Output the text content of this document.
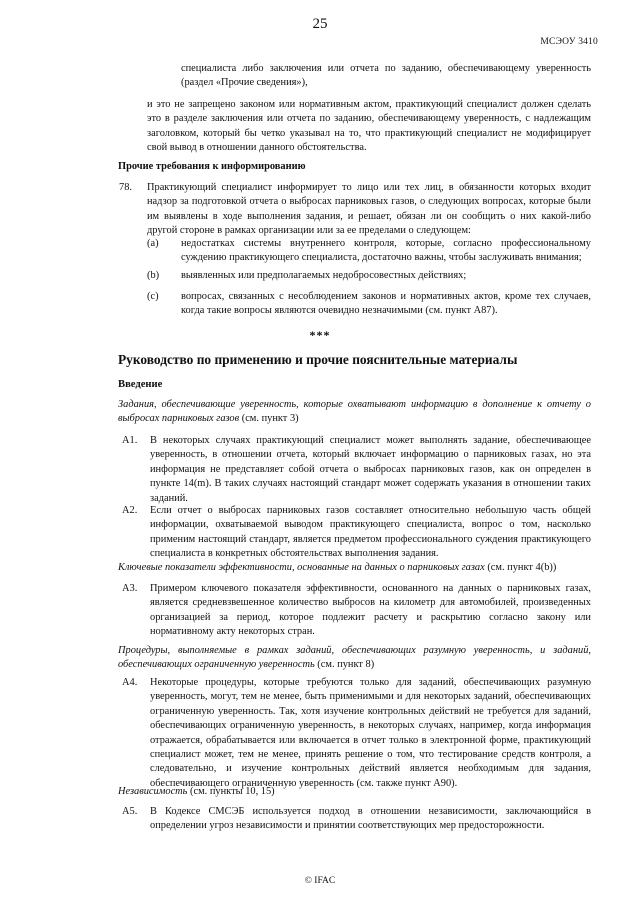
25
МСЭОУ 3410
специалиста либо заключения или отчета по заданию, обеспечивающему уверенность (раздел «Прочие сведения»),
и это не запрещено законом или нормативным актом, практикующий специалист должен сделать это в разделе заключения или отчета по заданию, обеспечивающему уверенность, с надлежащим заголовком, который бы четко указывал на то, что практикующий специалист не модифицирует свой вывод в отношении данного обстоятельства.
Прочие требования к информированию
78. Практикующий специалист информирует то лицо или тех лиц, в обязанности которых входит надзор за подготовкой отчета о выбросах парниковых газов, о следующих вопросах, которые были им выявлены в ходе выполнения задания, и решает, обязан ли он сообщить о них какой-либо другой стороне в рамках организации или за ее пределами о следующем:
(a) недостатках системы внутреннего контроля, которые, согласно профессиональному суждению практикующего специалиста, достаточно важны, чтобы заслуживать внимания;
(b) выявленных или предполагаемых недобросовестных действиях;
(c) вопросах, связанных с несоблюдением законов и нормативных актов, кроме тех случаев, когда такие вопросы являются очевидно незначимыми (см. пункт А87).
***
Руководство по применению и прочие пояснительные материалы
Введение
Задания, обеспечивающие уверенность, которые охватывают информацию в дополнение к отчету о выбросах парниковых газов (см. пункт 3)
A1. В некоторых случаях практикующий специалист может выполнять задание, обеспечивающее уверенность, в отношении отчета, который включает информацию о парниковых газах, но эта информация не представляет собой отчета о выбросах парниковых газов, как он определен в пункте 14(m). В таких случаях настоящий стандарт может содержать указания в отношении таких заданий.
A2. Если отчет о выбросах парниковых газов составляет относительно небольшую часть общей информации, охватываемой выводом практикующего специалиста, вопрос о том, насколько применим настоящий стандарт, является предметом профессионального суждения практикующего специалиста в конкретных обстоятельствах выполнения задания.
Ключевые показатели эффективности, основанные на данных о парниковых газах (см. пункт 4(b))
A3. Примером ключевого показателя эффективности, основанного на данных о парниковых газах, является средневзвешенное количество выбросов на километр для автомобилей, произведенных организацией за период, которое подлежит расчету и раскрытию согласно закону или нормативному акту некоторых стран.
Процедуры, выполняемые в рамках заданий, обеспечивающих разумную уверенность, и заданий, обеспечивающих ограниченную уверенность (см. пункт 8)
A4. Некоторые процедуры, которые требуются только для заданий, обеспечивающих разумную уверенность, могут, тем не менее, быть применимыми и для некоторых заданий, обеспечивающих ограниченную уверенность. Так, хотя изучение контрольных действий не требуется для заданий, обеспечивающих ограниченную уверенность, в некоторых случаях, например, когда информация отражается, обрабатывается или включается в отчет только в электронной форме, практикующий специалист может, тем не менее, принять решение о том, что тестирование средств контроля, а следовательно, и изучение контрольных действий является необходимым для задания, обеспечивающего ограниченную уверенность (см. также пункт А90).
Независимость (см. пункты 10, 15)
A5. В Кодексе СМСЭБ используется подход в отношении независимости, заключающийся в определении угроз независимости и принятии соответствующих мер предосторожности.
© IFAC
